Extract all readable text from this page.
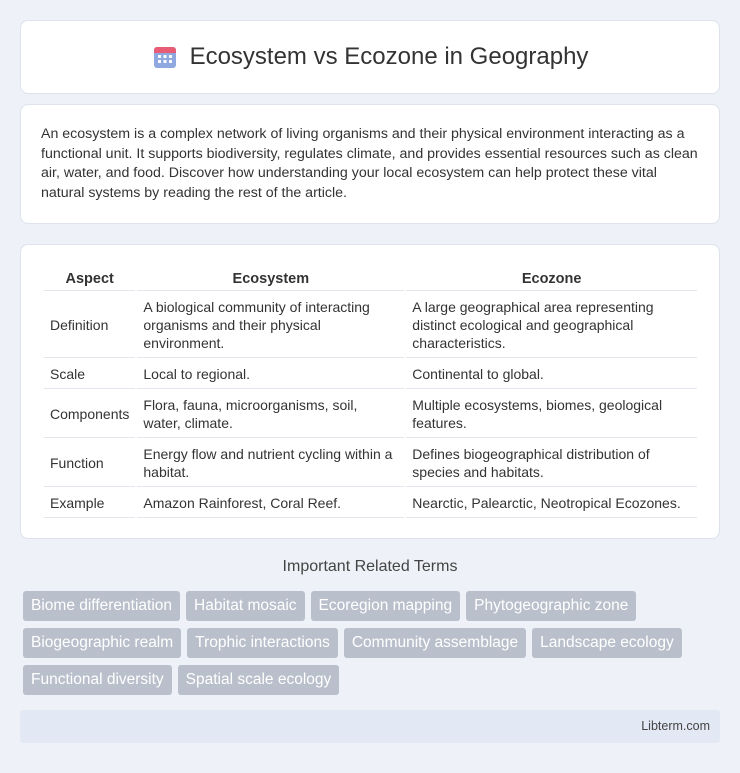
Ecosystem vs Ecozone in Geography

An ecosystem is a complex network of living organisms and their physical environment interacting as a functional unit. It supports biodiversity, regulates climate, and provides essential resources such as clean air, water, and food. Discover how understanding your local ecosystem can help protect these vital natural systems by reading the rest of the article.

Aspect	Ecosystem	Ecozone
Definition	A biological community of interacting organisms and their physical environment.	A large geographical area representing distinct ecological and geographical characteristics.
Scale	Local to regional.	Continental to global.
Components	Flora, fauna, microorganisms, soil, water, climate.	Multiple ecosystems, biomes, geological features.
Function	Energy flow and nutrient cycling within a habitat.	Defines biogeographical distribution of species and habitats.
Example	Amazon Rainforest, Coral Reef.	Nearctic, Palearctic, Neotropical Ecozones.
Important Related Terms
Biome differentiation	Habitat mosaic	Ecoregion mapping	Phytogeographic zone
Biogeographic realm	Trophic interactions	Community assemblage	Landscape ecology
Functional diversity	Spatial scale ecology
Libterm.com
